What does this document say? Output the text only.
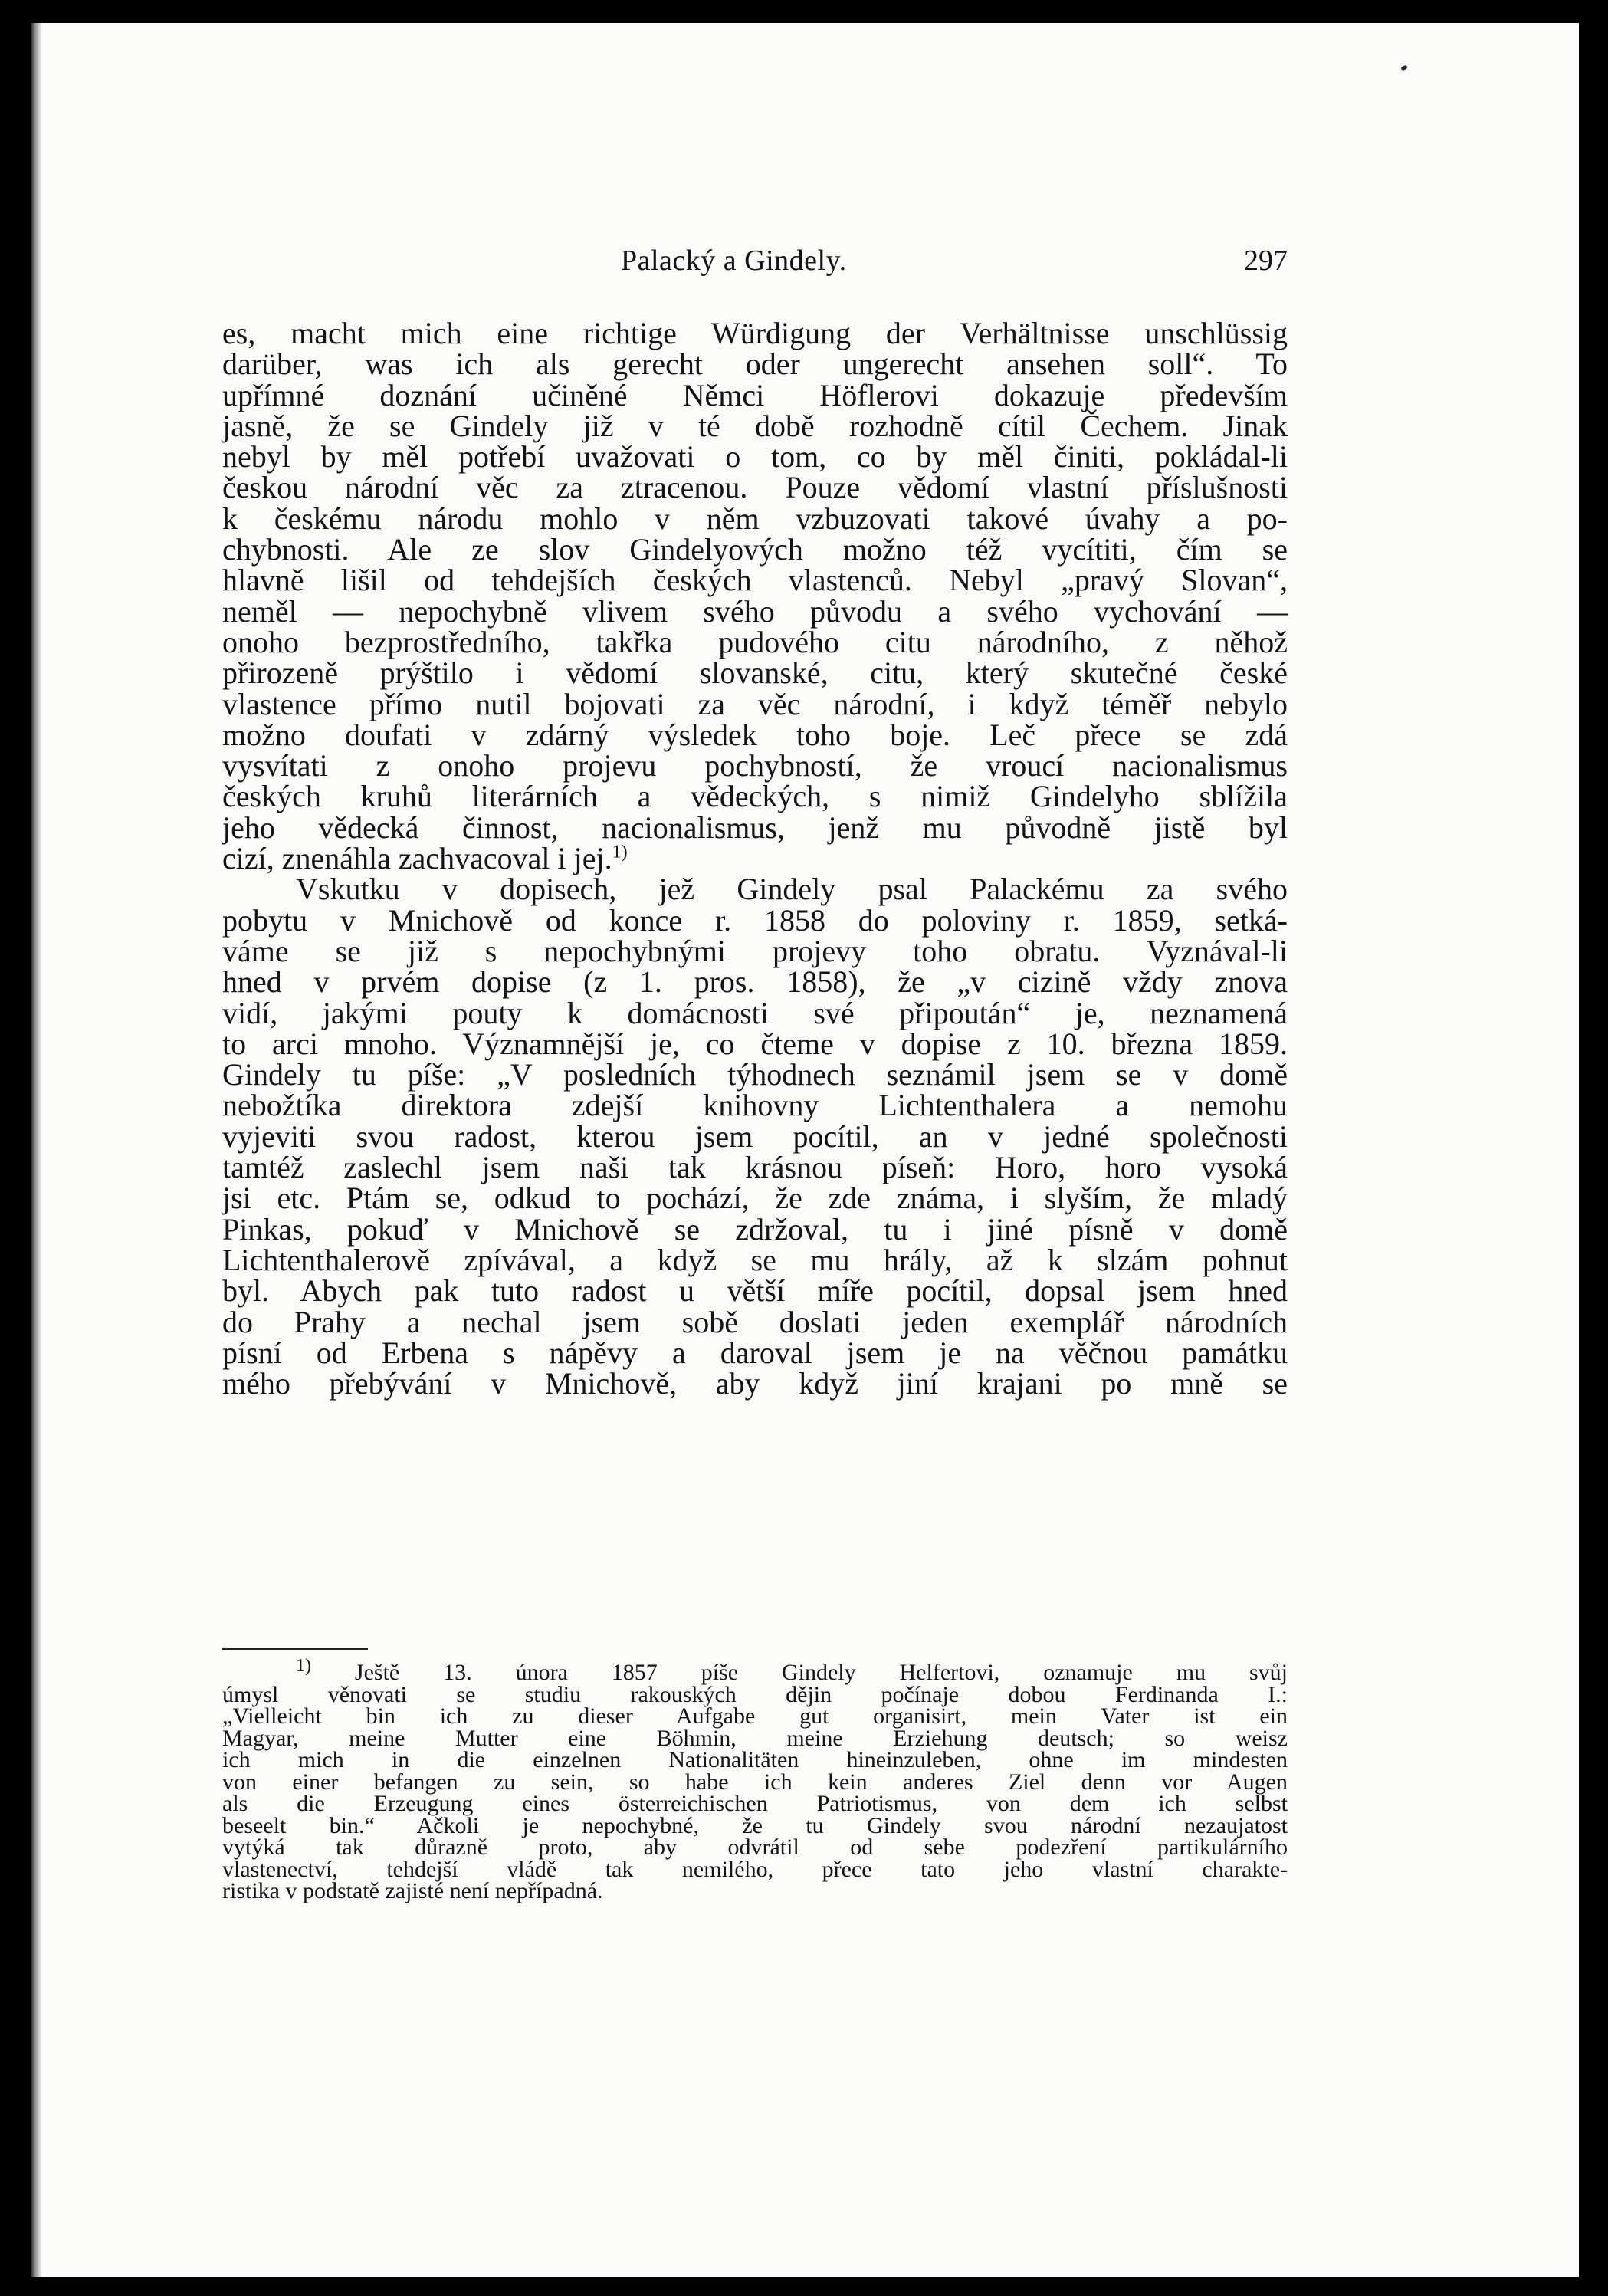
Palacký a Gindely.	297
es, macht mich eine richtige Würdigung der Verhältnisse unschlüssig
darüber, was ich als gerecht oder ungerecht ansehen soll“. To
upřímné doznání učiněné Němci Höflerovi dokazuje především
jasně, že se Gindely již v té době rozhodně cítil Čechem. Jinak
nebyl by měl potřebí uvažovati o tom, co by měl činiti, pokládal-li
českou národní věc za ztracenou. Pouze vědomí vlastní příslušnosti
k českému národu mohlo v něm vzbuzovati takové úvahy a po-
chybnosti. Ale ze slov Gindelyových možno též vycítiti, čím se
hlavně lišil od tehdejších českých vlastenců. Nebyl „pravý Slovan“,
neměl — nepochybně vlivem svého původu a svého vychování —
onoho bezprostředního, takřka pudového citu národního, z něhož
přirozeně prýštilo i vědomí slovanské, citu, který skutečné české
vlastence přímo nutil bojovati za věc národní, i když téměř nebylo
možno doufati v zdárný výsledek toho boje. Leč přece se zdá
vysvítati z onoho projevu pochybností, že vroucí nacionalismus
českých kruhů literárních a vědeckých, s nimiž Gindelyho sblížila
jeho vědecká činnost, nacionalismus, jenž mu původně jistě byl
cizí, znenáhla zachvacoval i jej.$^{1)}$
Vskutku v dopisech, jež Gindely psal Palackému za svého
pobytu v Mnichově od konce r. 1858 do poloviny r. 1859, setká-
váme se již s nepochybnými projevy toho obratu. Vyznával-li
hned v prvém dopise (z 1. pros. 1858), že „v cizině vždy znova
vidí, jakými pouty k domácnosti své připoután“ je, neznamená
to arci mnoho. Významnější je, co čteme v dopise z 10. března 1859.
Gindely tu píše: „V posledních týhodnech seznámil jsem se v domě
nebožtíka direktora zdejší knihovny Lichtenthalera a nemohu
vyjeviti svou radost, kterou jsem pocítil, an v jedné společnosti
tamtéž zaslechl jsem naši tak krásnou píseň: Horo, horo vysoká
jsi etc. Ptám se, odkud to pochází, že zde známa, i slyším, že mladý
Pinkas, pokuď v Mnichově se zdržoval, tu i jiné písně v domě
Lichtenthalerově zpívával, a když se mu hrály, až k slzám pohnut
byl. Abych pak tuto radost u větší míře pocítil, dopsal jsem hned
do Prahy a nechal jsem sobě doslati jeden exemplář národních
písní od Erbena s nápěvy a daroval jsem je na věčnou památku
mého přebývání v Mnichově, aby když jiní krajani po mně se
$^{1)}$ Ještě 13. února 1857 píše Gindely Helfertovi, oznamuje mu svůj
úmysl věnovati se studiu rakouských dějin počínaje dobou Ferdinanda I.:
„Vielleicht bin ich zu dieser Aufgabe gut organisirt, mein Vater ist ein
Magyar, meine Mutter eine Böhmin, meine Erziehung deutsch; so weisz
ich mich in die einzelnen Nationalitäten hineinzuleben, ohne im mindesten
von einer befangen zu sein, so habe ich kein anderes Ziel denn vor Augen
als die Erzeugung eines österreichischen Patriotismus, von dem ich selbst
beseelt bin.“ Ačkoli je nepochybné, že tu Gindely svou národní nezaujatost
vytýká tak důrazně proto, aby odvrátil od sebe podezření partikulárního
vlastenectví, tehdejší vládě tak nemilého, přece tato jeho vlastní charakte-
ristika v podstatě zajisté není nepřípadná.
